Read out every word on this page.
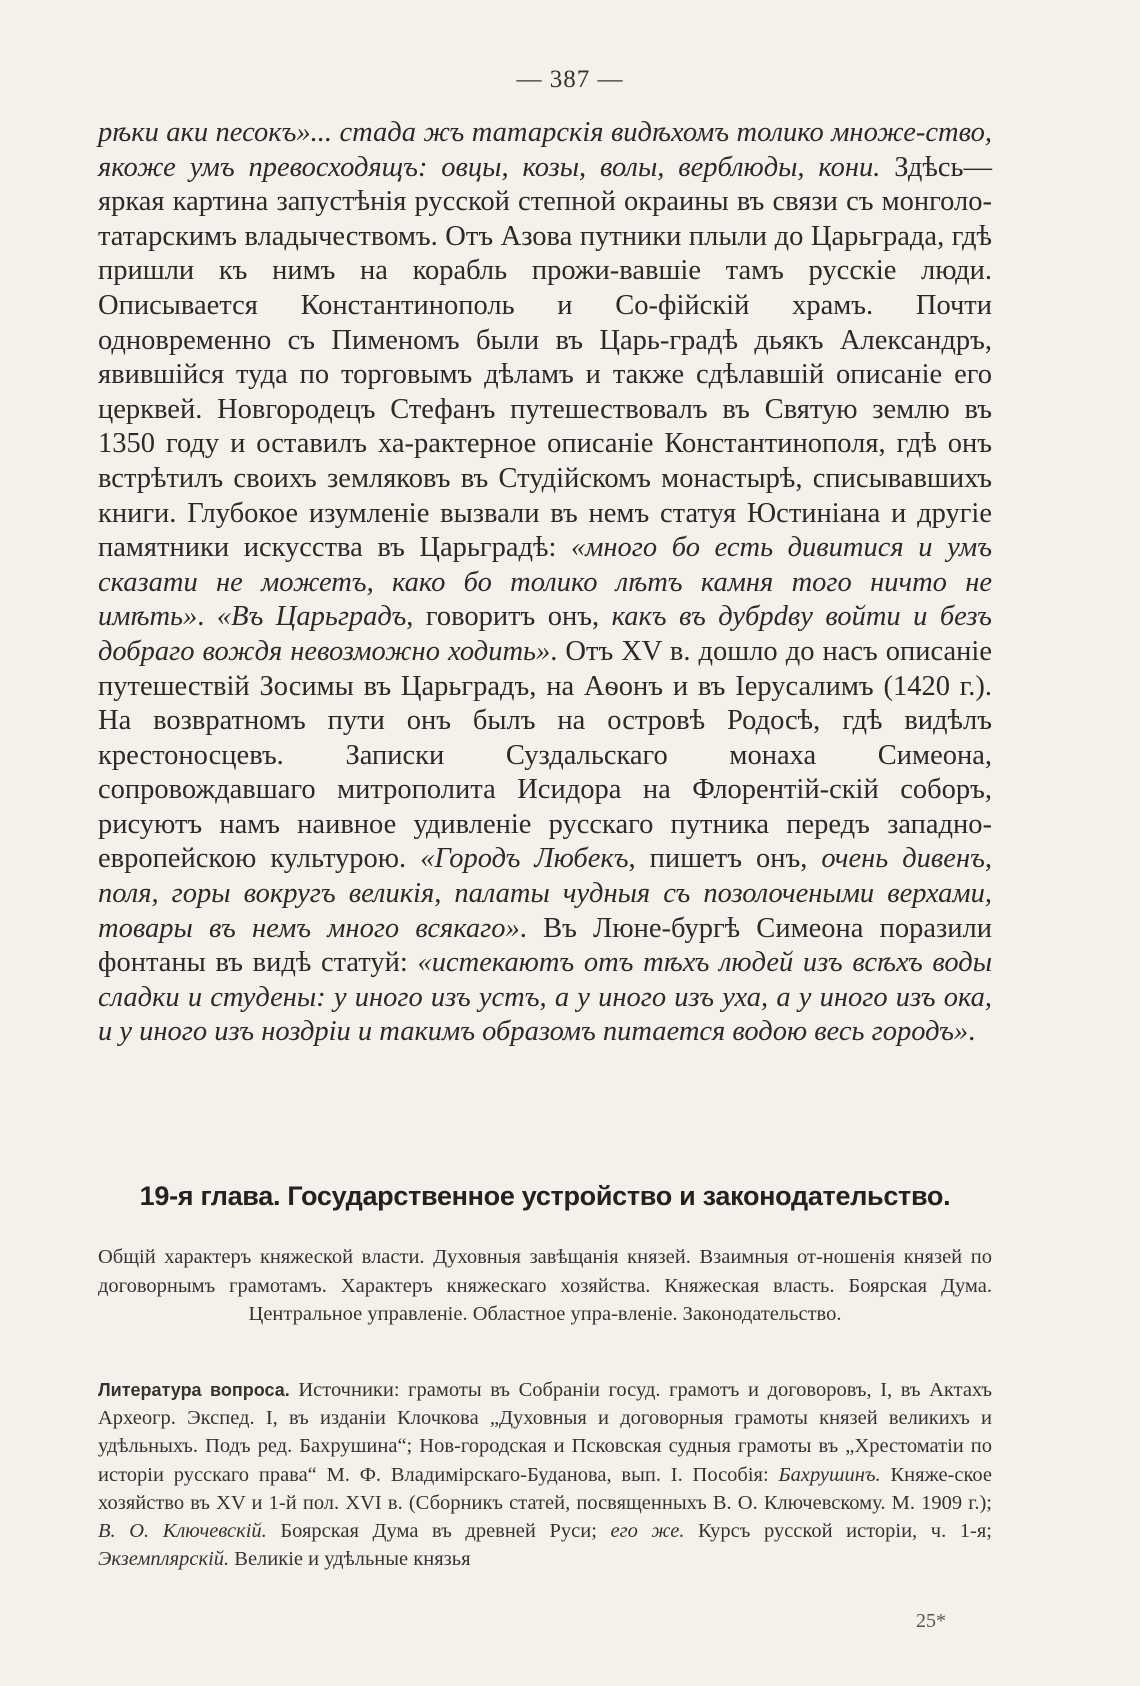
— 387 —

рѣки аки песокъ»... стада жъ татарскія видѣхомъ толико множе-ство, якоже умъ превосходящъ: овцы, козы, волы, верблюды, кони. Здѣсь—яркая картина запустѣнія русской степной окраины въ связи съ монголо-татарскимъ владычествомъ. Отъ Азова путники плыли до Царьграда, гдѣ пришли къ нимъ на корабль прожи-вавшіе тамъ русскіе люди. Описывается Константинополь и Со-фійскій храмъ. Почти одновременно съ Пименомъ были въ Царь-градѣ дьякъ Александръ, явившійся туда по торговымъ дѣламъ и также сдѣлавшій описаніе его церквей. Новгородецъ Стефанъ путешествовалъ въ Святую землю въ 1350 году и оставилъ ха-рактерное описаніе Константинополя, гдѣ онъ встрѣтилъ своихъ земляковъ въ Студійскомъ монастырѣ, списывавшихъ книги. Глубокое изумленіе вызвали въ немъ статуя Юстиніана и другіе памятники искусства въ Царьградѣ: «много бо есть дивитися и умъ сказати не можетъ, како бо толико лѣтъ камня того ничто не имѣть». «Въ Царьградъ, говоритъ онъ, какъ въ дубрdву войти и безъ добраго вождя невозможно ходить». Отъ XV в. дошло до насъ описаніе путешествій Зосимы въ Царьградъ, на Аѳонъ и въ Іерусалимъ (1420 г.). На возвратномъ пути онъ былъ на островѣ Родосѣ, гдѣ видѣлъ крестоносцевъ. Записки Суздальскаго монаха Симеона, сопровождавшаго митрополита Исидора на Флорентій-скій соборъ, рисуютъ намъ наивное удивленіе русскаго путника передъ западно-европейскою культурою. «Городъ Любекъ, пишетъ онъ, очень дивенъ, поля, горы вокругъ великія, палаты чудныя съ позолочеными верхами, товары въ немъ много всякаго». Въ Люне-бургѣ Симеона поразили фонтаны въ видѣ статуй: «истекаютъ отъ тѣхъ людей изъ всѣхъ воды сладки и студены: у иного изъ устъ, а у иного изъ уха, а у иного изъ ока, и у иного изъ ноздріи и такимъ образомъ питается водою весь городъ».

19-я глава. Государственное устройство и законодательство.

Общій характеръ княжеской власти. Духовныя завѣщанія князей. Взаимныя от-ношенія князей по договорнымъ грамотамъ. Характеръ княжескаго хозяйства. Княжеская власть. Боярская Дума. Центральное управленіе. Областное упра-вленіе. Законодательство.

Литература вопроса. Источники: грамоты въ Собраніи госуд. грамотъ и договоровъ, I, въ Актахъ Археогр. Экспед. I, въ изданіи Клочкова „Духовныя и договорныя грамоты князей великихъ и удѣльныхъ. Подъ ред. Бахрушина“; Нов-городская и Псковская судныя грамоты въ „Хрестоматіи по исторіи русскаго права“ М. Ф. Владимірскаго-Буданова, вып. I. Пособія: Бахрушинъ. Княже-ское хозяйство въ XV и 1-й пол. XVI в. (Сборникъ статей, посвященныхъ В. О. Ключевскому. М. 1909 г.); В. О. Ключевскій. Боярская Дума въ древней Руси; его же. Курсъ русской исторіи, ч. 1-я; Экземплярскій. Великіе и удѣльные князья

25*
